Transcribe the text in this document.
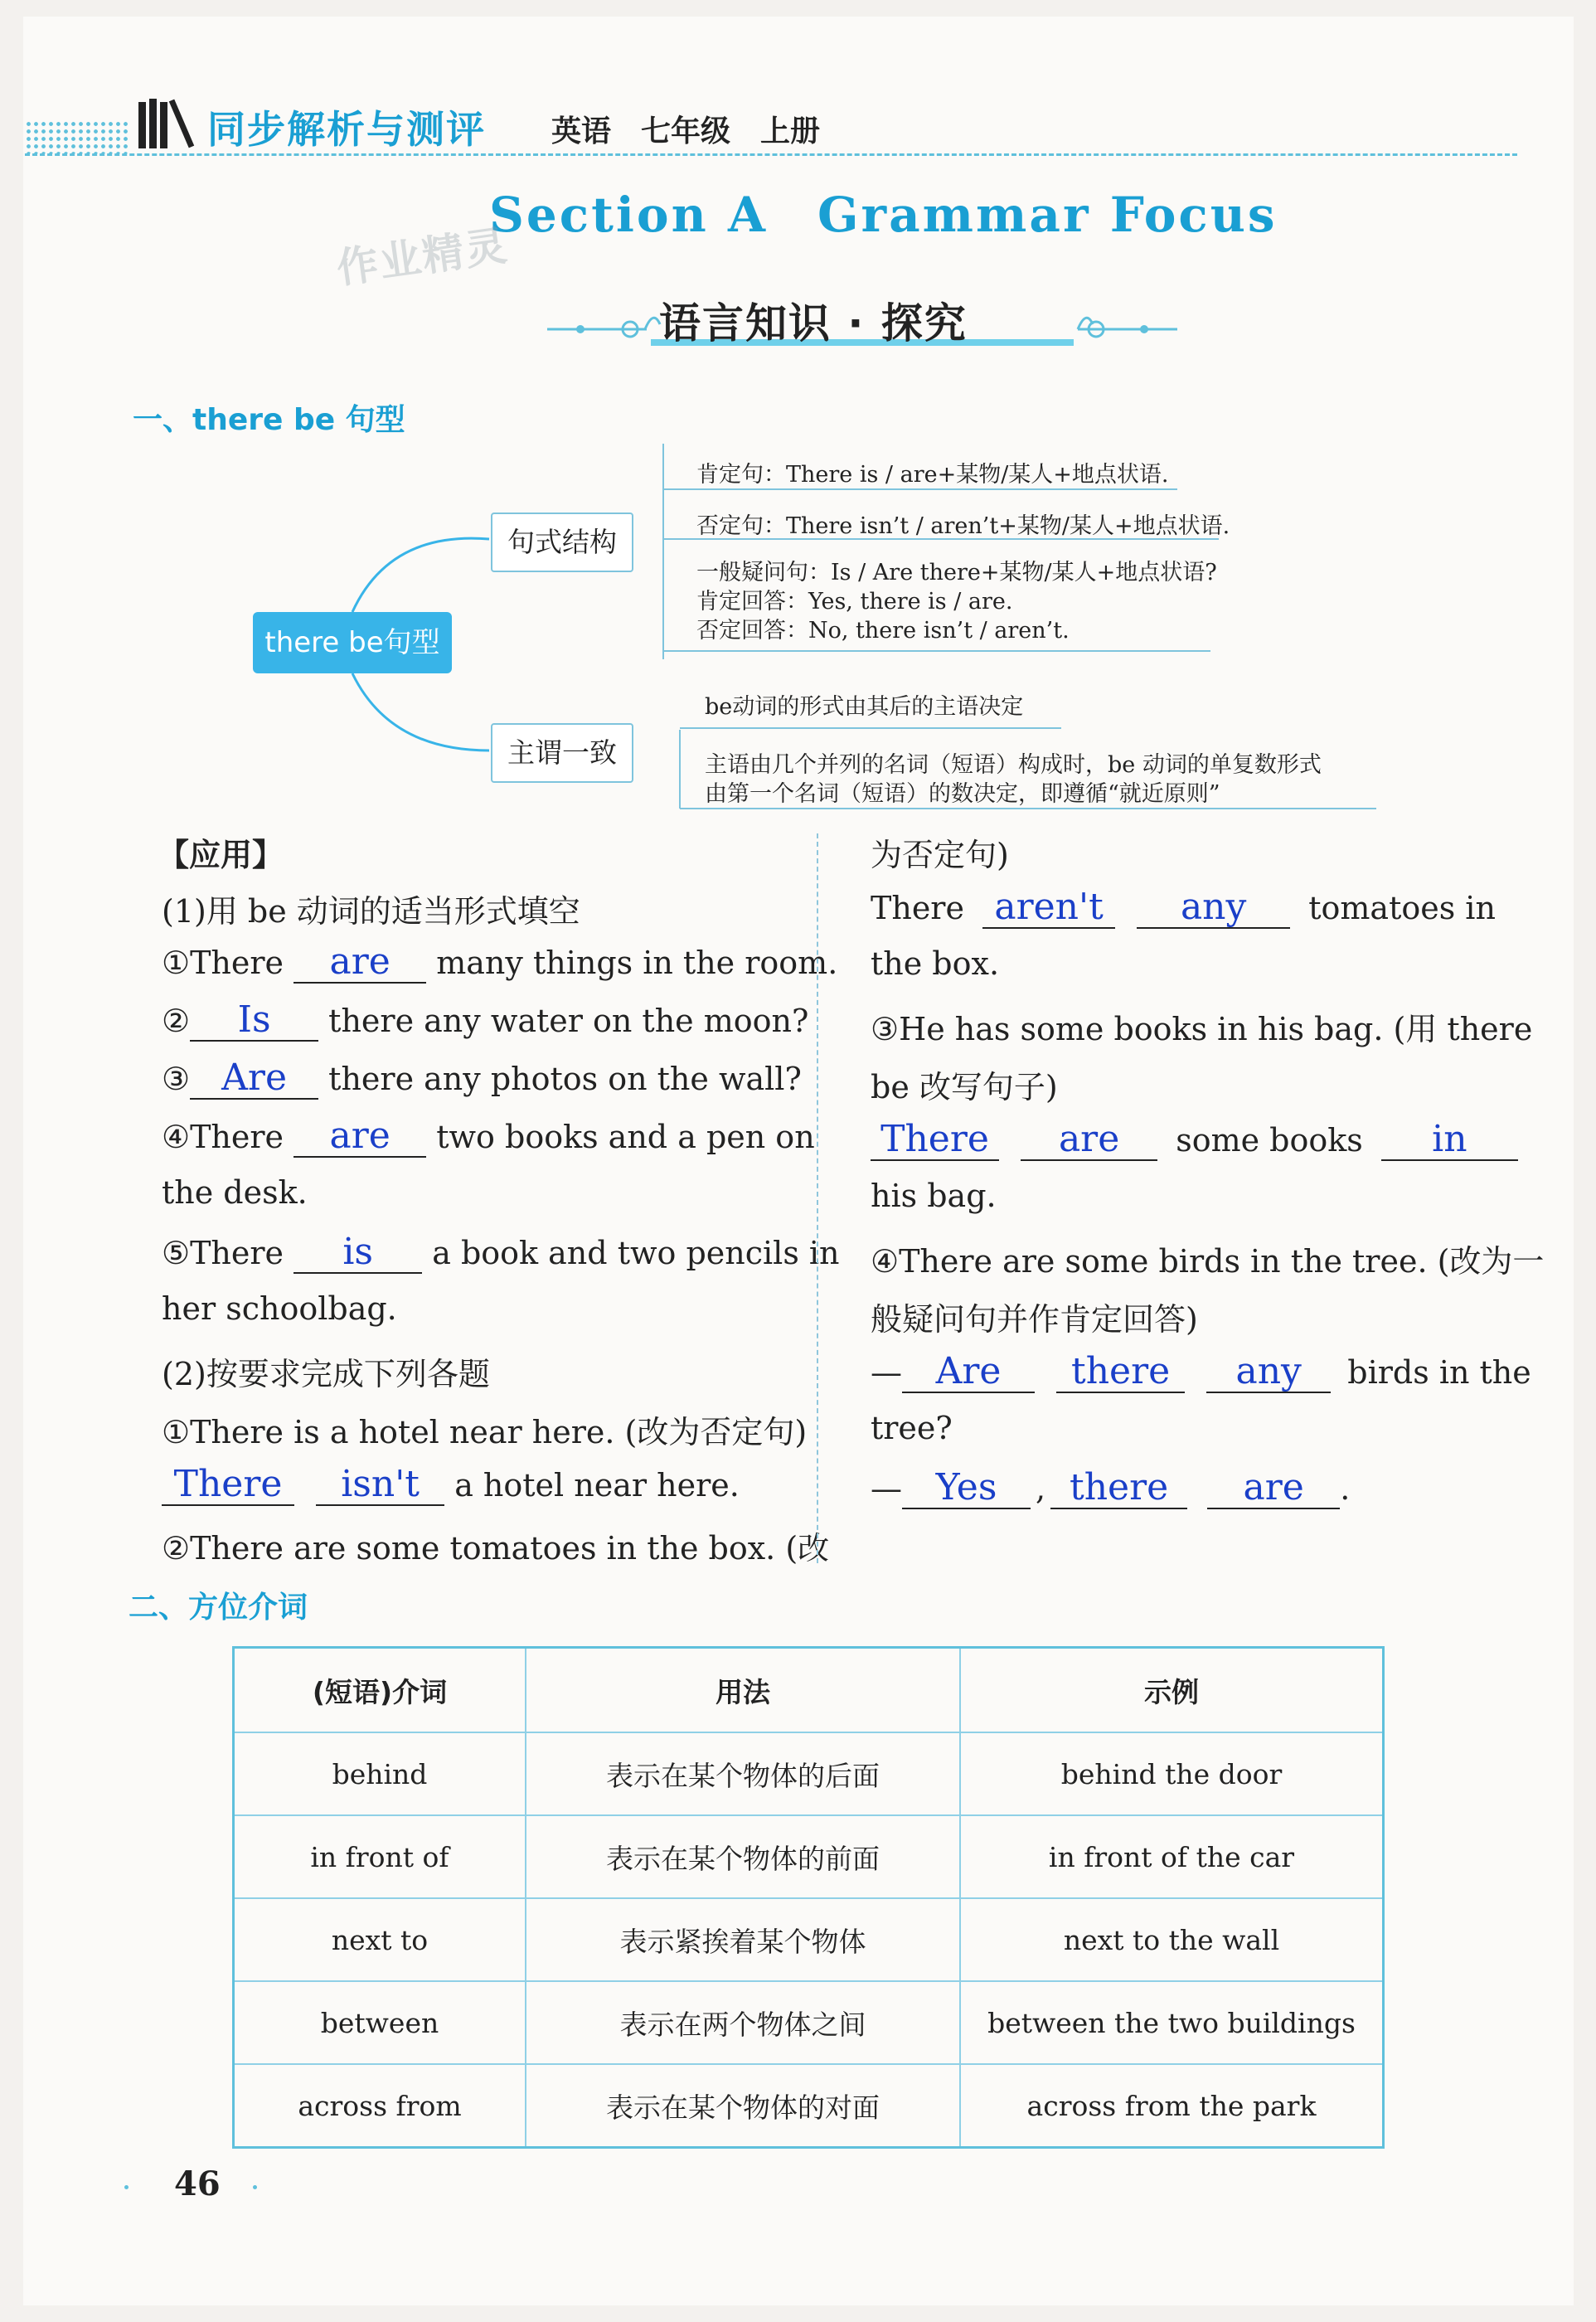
同步解析与测评 英语　七年级　上册
Section A Grammar Focus
作业精灵
语言知识 · 探究
一、there be 句型
there be句型
句式结构
主谓一致
肯定句：There is / are+某物/某人+地点状语.
否定句：There isn’t / aren’t+某物/某人+地点状语.
一般疑问句：Is / Are there+某物/某人+地点状语?
肯定回答：Yes, there is / are.
否定回答：No, there isn’t / aren’t.
be动词的形式由其后的主语决定
主语由几个并列的名词（短语）构成时，be 动词的单复数形式
由第一个名词（短语）的数决定，即遵循“就近原则”
【应用】
(1)用 be 动词的适当形式填空
①There are many things in the room.
② Is there any water on the moon?
③ Are there any photos on the wall?
④There are two books and a pen on
the desk.
⑤There is a book and two pencils in
her schoolbag.
(2)按要求完成下列各题
①There is a hotel near here. (改为否定句)
There isn't a hotel near here.
②There are some tomatoes in the box. (改
为否定句)
There aren't any tomatoes in
the box.
③He has some books in his bag. (用 there
be 改写句子)
There are some books in
his bag.
④There are some birds in the tree. (改为一
般疑问句并作肯定回答)
— Are there any birds in the
tree?
— Yes , there are .
二、方位介词
(短语)介词	用法	示例
behind	表示在某个物体的后面	behind the door
in front of	表示在某个物体的前面	in front of the car
next to	表示紧挨着某个物体	next to the wall
between	表示在两个物体之间	between the two buildings
across from	表示在某个物体的对面	across from the park
46
